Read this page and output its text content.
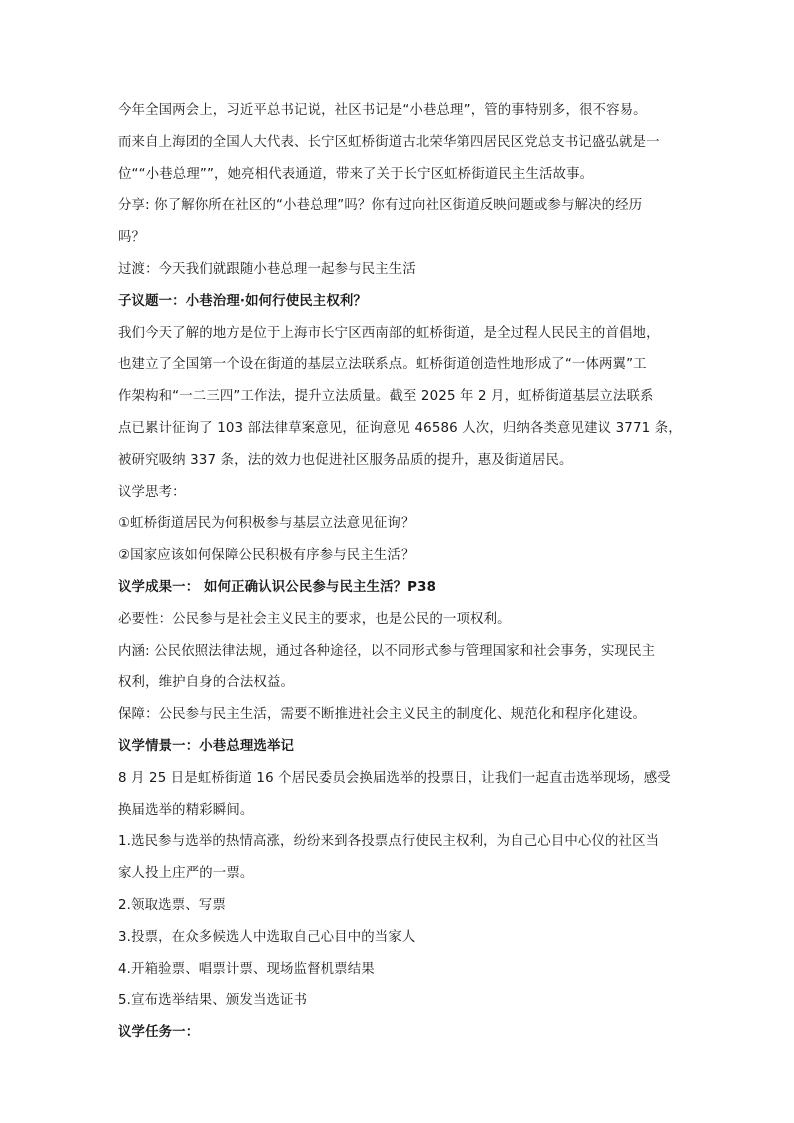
今年全国两会上，习近平总书记说，社区书记是“小巷总理”，管的事特别多，很不容易。
而来自上海团的全国人大代表、长宁区虹桥街道古北荣华第四居民区党总支书记盛弘就是一
位““小巷总理””，她亮相代表通道，带来了关于长宁区虹桥街道民主生活故事。
分享: 你了解你所在社区的“小巷总理”吗？你有过向社区街道反映问题或参与解决的经历
吗？
过渡：今天我们就跟随小巷总理一起参与民主生活
子议题一：小巷治理·如何行使民主权利？
我们今天了解的地方是位于上海市长宁区西南部的虹桥街道，是全过程人民民主的首倡地，
也建立了全国第一个设在街道的基层立法联系点。虹桥街道创造性地形成了“一体两翼”工
作架构和“一二三四”工作法，提升立法质量。截至 2025 年 2 月，虹桥街道基层立法联系
点已累计征询了 103 部法律草案意见，征询意见 46586 人次，归纳各类意见建议 3771 条，
被研究吸纳 337 条，法的效力也促进社区服务品质的提升，惠及街道居民。
议学思考：
①虹桥街道居民为何积极参与基层立法意见征询？
②国家应该如何保障公民积极有序参与民主生活？
议学成果一： 如何正确认识公民参与民主生活？P38
必要性：公民参与是社会主义民主的要求，也是公民的一项权利。
内涵: 公民依照法律法规，通过各种途径，以不同形式参与管理国家和社会事务，实现民主
权利，维护自身的合法权益。
保障：公民参与民主生活，需要不断推进社会主义民主的制度化、规范化和程序化建设。
议学情景一：小巷总理选举记
8 月 25 日是虹桥街道 16 个居民委员会换届选举的投票日，让我们一起直击选举现场，感受
换届选举的精彩瞬间。
1.选民参与选举的热情高涨，纷纷来到各投票点行使民主权利，为自己心目中心仪的社区当
家人投上庄严的一票。
2.领取选票、写票
3.投票，在众多候选人中选取自己心目中的当家人
4.开箱验票、唱票计票、现场监督机票结果
5.宣布选举结果、颁发当选证书
议学任务一：
